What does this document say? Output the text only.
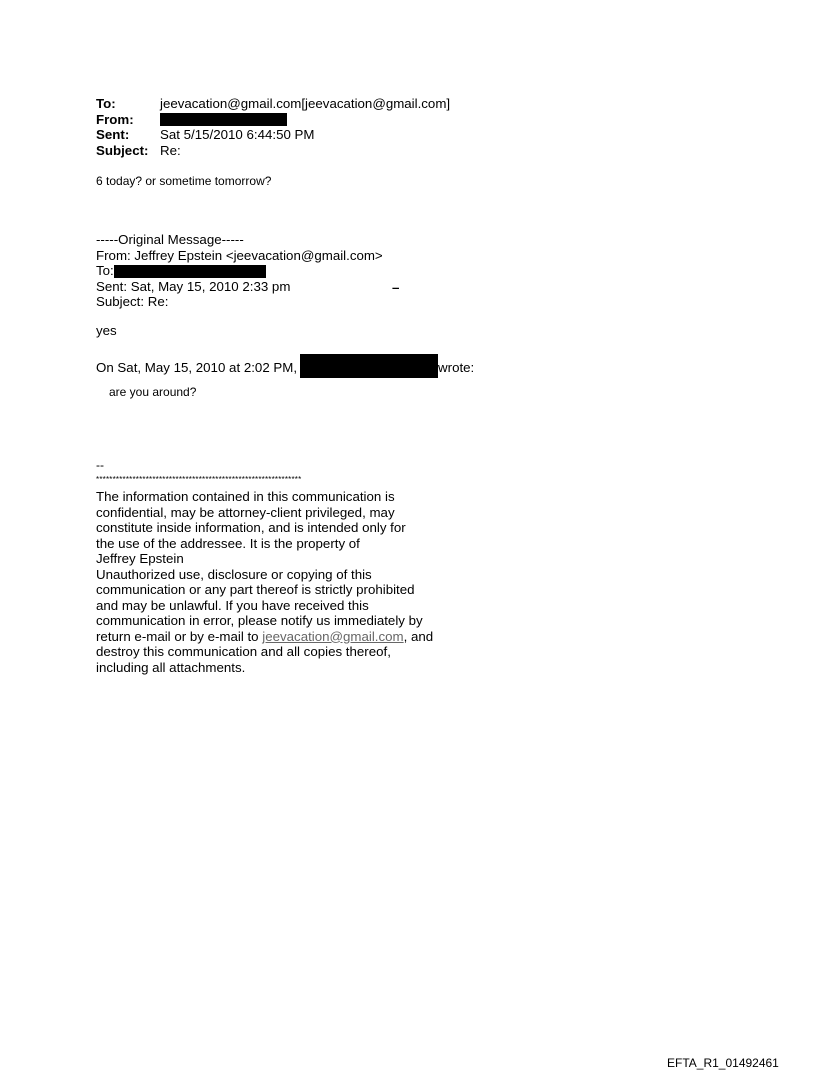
To:	jeevacation@gmail.com[jeevacation@gmail.com]
From:
Sent: Sat 5/15/2010 6:44:50 PM
Subject: Re:
6 today? or sometime tomorrow?
-----Original Message-----
From: Jeffrey Epstein <jeevacation@gmail.com>
To:
Sent: Sat, May 15, 2010 2:33 pm	–
Subject: Re:
yes
On Sat, May 15, 2010 at 2:02 PM,	wrote:
are you around?
--
**************************************************************
The information contained in this communication is
confidential, may be attorney-client privileged, may
constitute inside information, and is intended only for
the use of the addressee. It is the property of
Jeffrey Epstein
Unauthorized use, disclosure or copying of this
communication or any part thereof is strictly prohibited
and may be unlawful. If you have received this
communication in error, please notify us immediately by
return e-mail or by e-mail to jeevacation@gmail.com, and
destroy this communication and all copies thereof,
including all attachments.
EFTA_R1_01492461
